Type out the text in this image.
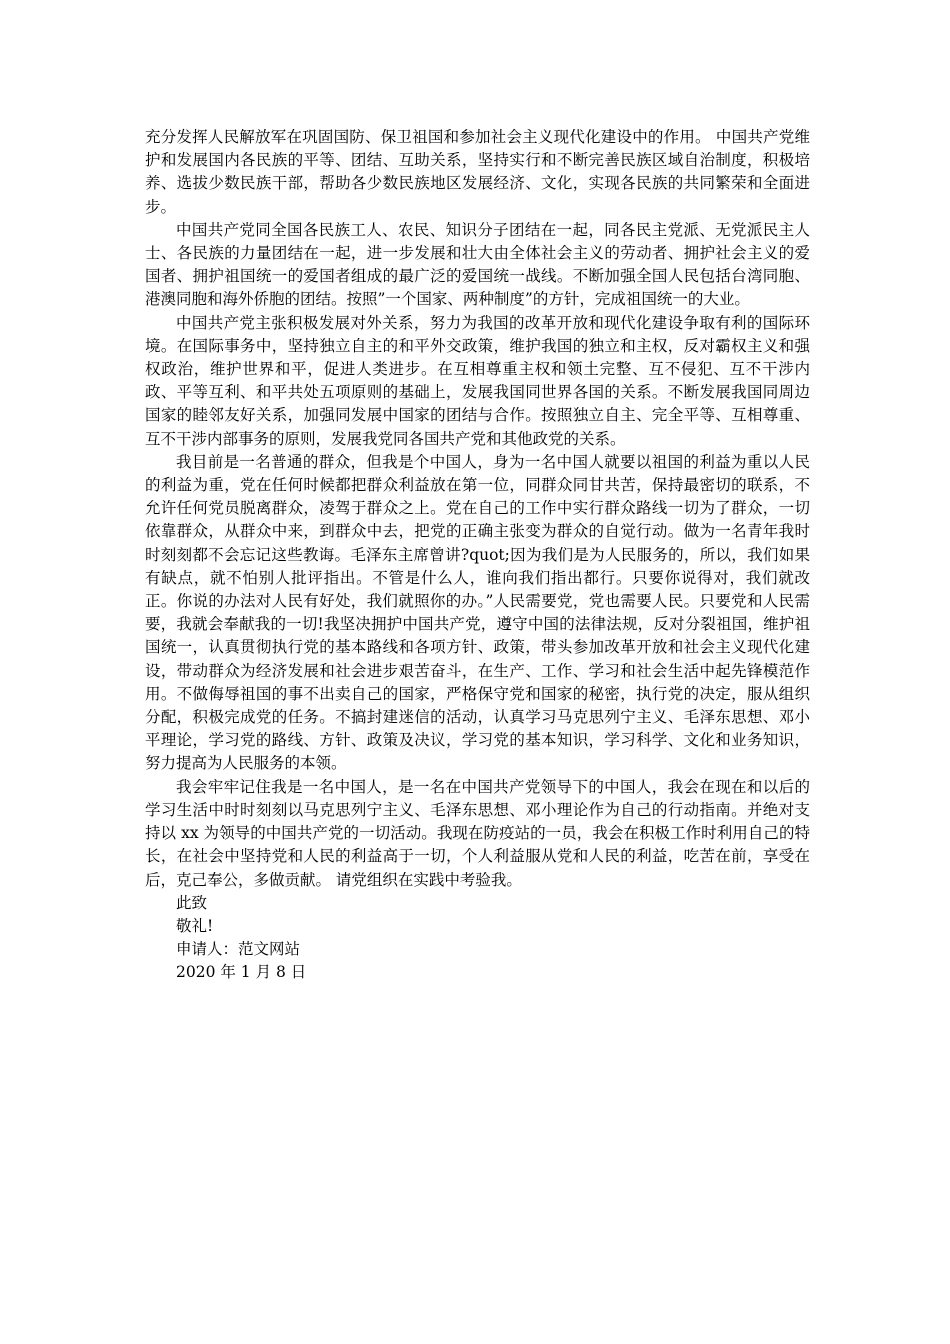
充分发挥人民解放军在巩固国防、保卫祖国和参加社会主义现代化建设中的作用。 中国共产党维护和发展国内各民族的平等、团结、互助关系，坚持实行和不断完善民族区域自治制度，积极培养、选拔少数民族干部，帮助各少数民族地区发展经济、文化，实现各民族的共同繁荣和全面进步。

中国共产党同全国各民族工人、农民、知识分子团结在一起，同各民主党派、无党派民主人士、各民族的力量团结在一起，进一步发展和壮大由全体社会主义的劳动者、拥护社会主义的爱国者、拥护祖国统一的爱国者组成的最广泛的爱国统一战线。不断加强全国人民包括台湾同胞、港澳同胞和海外侨胞的团结。按照”一个国家、两种制度”的方针，完成祖国统一的大业。

中国共产党主张积极发展对外关系，努力为我国的改革开放和现代化建设争取有利的国际环境。在国际事务中，坚持独立自主的和平外交政策，维护我国的独立和主权，反对霸权主义和强权政治，维护世界和平，促进人类进步。在互相尊重主权和领土完整、互不侵犯、互不干涉内政、平等互利、和平共处五项原则的基础上，发展我国同世界各国的关系。不断发展我国同周边国家的睦邻友好关系，加强同发展中国家的团结与合作。按照独立自主、完全平等、互相尊重、互不干涉内部事务的原则，发展我党同各国共产党和其他政党的关系。

我目前是一名普通的群众，但我是个中国人，身为一名中国人就要以祖国的利益为重以人民的利益为重，党在任何时候都把群众利益放在第一位，同群众同甘共苦，保持最密切的联系，不允许任何党员脱离群众，凌驾于群众之上。党在自己的工作中实行群众路线一切为了群众，一切依靠群众，从群众中来，到群众中去，把党的正确主张变为群众的自觉行动。做为一名青年我时时刻刻都不会忘记这些教诲。毛泽东主席曾讲?quot;因为我们是为人民服务的，所以，我们如果有缺点，就不怕别人批评指出。不管是什么人，谁向我们指出都行。只要你说得对，我们就改正。你说的办法对人民有好处，我们就照你的办。”人民需要党，党也需要人民。只要党和人民需要，我就会奉献我的一切!我坚决拥护中国共产党，遵守中国的法律法规，反对分裂祖国，维护祖国统一，认真贯彻执行党的基本路线和各项方针、政策，带头参加改革开放和社会主义现代化建设，带动群众为经济发展和社会进步艰苦奋斗，在生产、工作、学习和社会生活中起先锋模范作用。不做侮辱祖国的事不出卖自己的国家，严格保守党和国家的秘密，执行党的决定，服从组织分配，积极完成党的任务。不搞封建迷信的活动，认真学习马克思列宁主义、毛泽东思想、邓小平理论，学习党的路线、方针、政策及决议，学习党的基本知识，学习科学、文化和业务知识，努力提高为人民服务的本领。

我会牢牢记住我是一名中国人，是一名在中国共产党领导下的中国人，我会在现在和以后的学习生活中时时刻刻以马克思列宁主义、毛泽东思想、邓小理论作为自己的行动指南。并绝对支持以 xx 为领导的中国共产党的一切活动。我现在防疫站的一员，我会在积极工作时利用自己的特长，在社会中坚持党和人民的利益高于一切，个人利益服从党和人民的利益，吃苦在前，享受在后，克己奉公，多做贡献。 请党组织在实践中考验我。

此致
敬礼!
申请人：范文网站
2020 年 1 月 8 日
